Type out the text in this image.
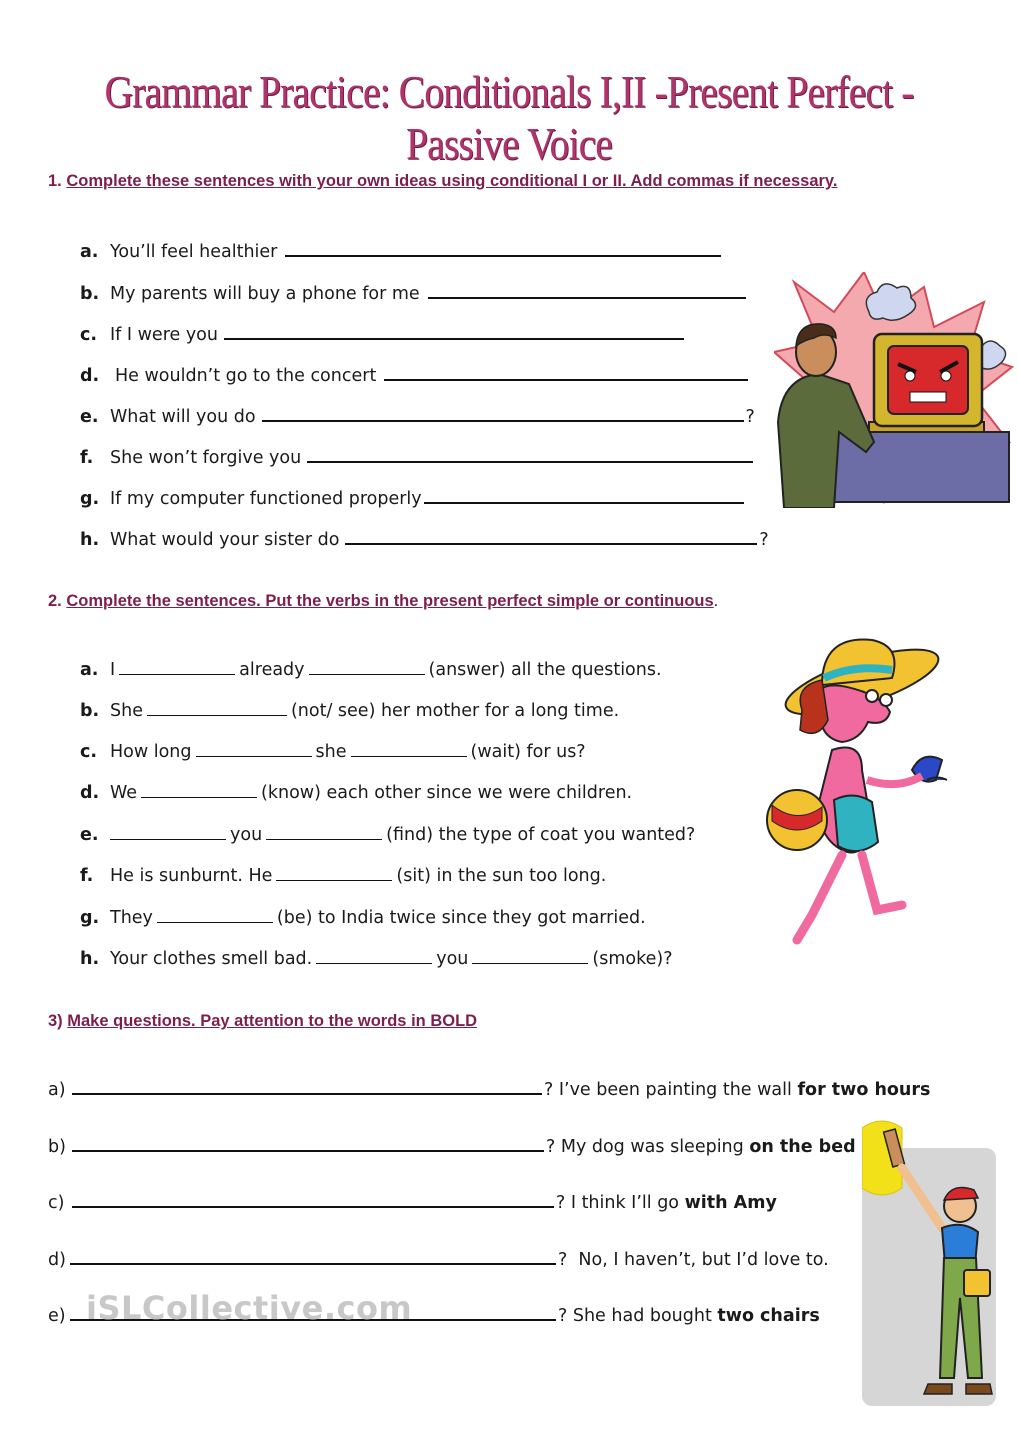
Grammar Practice: Conditionals I,II -Present Perfect - Passive Voice
1. Complete these sentences with your own ideas using conditional I or II. Add commas if necessary.
a. You’ll feel healthier
b. My parents will buy a phone for me
c. If I were you
d. He wouldn’t go to the concert
e. What will you do	?
f. She won’t forgive you
g. If my computer functioned properly
h. What would your sister do	?
2. Complete the sentences. Put the verbs in the present perfect simple or continuous.
a. I	already	(answer) all the questions.
b. She	(not/ see) her mother for a long time.
c. How long	she	(wait) for us?
d. We	(know) each other since we were children.
e.	you	(find) the type of coat you wanted?
f. He is sunburnt. He	(sit) in the sun too long.
g. They	(be) to India twice since they got married.
h. Your clothes smell bad.	you	(smoke)?
3) Make questions. Pay attention to the words in BOLD
a)	? I’ve been painting the wall for two hours
b)	? My dog was sleeping on the bed
c)	? I think I’ll go with Amy
d)	?  No, I haven’t, but I’d love to.
e)	? She had bought two chairs
iSLCollective.com
